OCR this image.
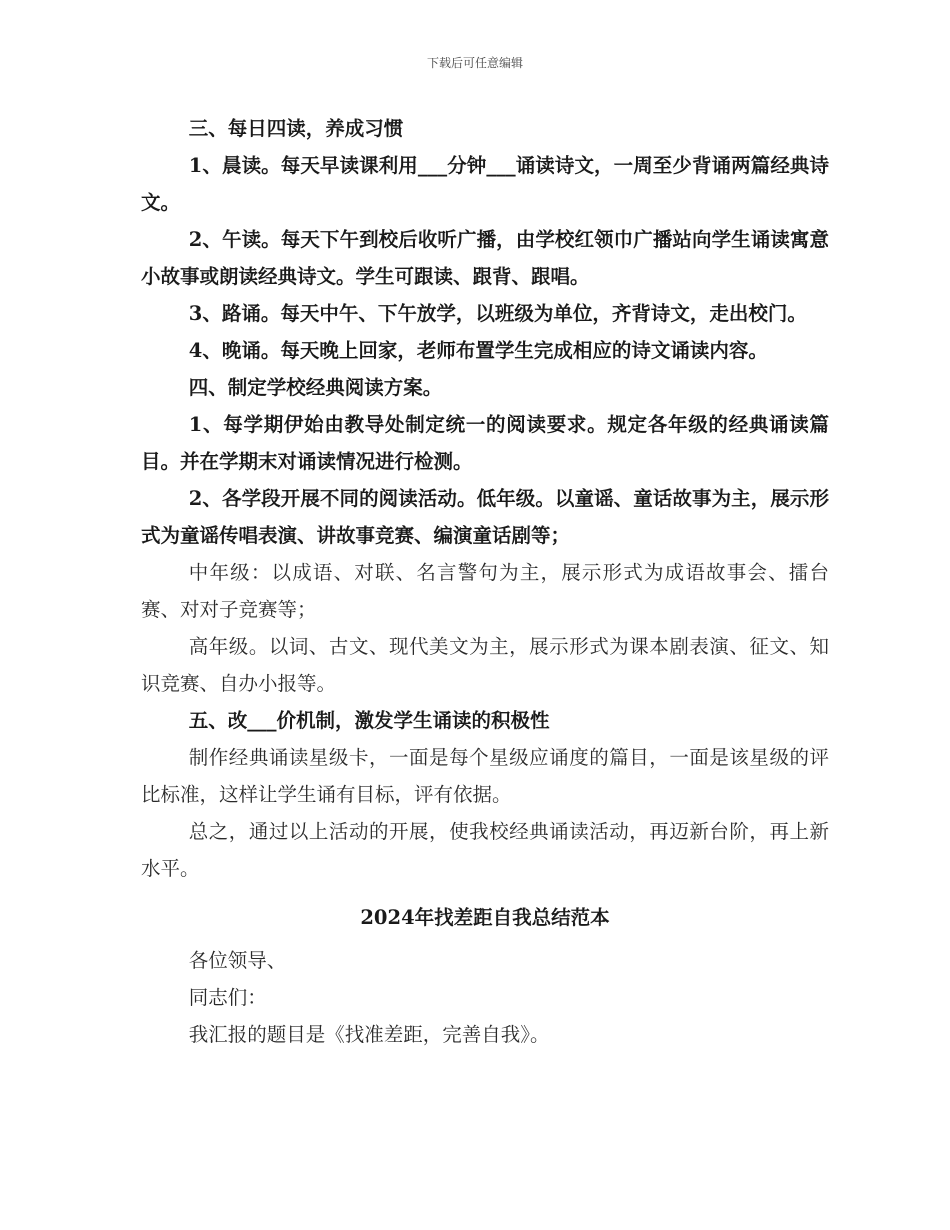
下载后可任意编辑

三、每日四读，养成习惯

1、晨读。每天早读课利用___分钟___诵读诗文，一周至少背诵两篇经典诗文。

2、午读。每天下午到校后收听广播，由学校红领巾广播站向学生诵读寓意小故事或朗读经典诗文。学生可跟读、跟背、跟唱。

3、路诵。每天中午、下午放学，以班级为单位，齐背诗文，走出校门。

4、晚诵。每天晚上回家，老师布置学生完成相应的诗文诵读内容。

四、制定学校经典阅读方案。

1、每学期伊始由教导处制定统一的阅读要求。规定各年级的经典诵读篇目。并在学期末对诵读情况进行检测。

2、各学段开展不同的阅读活动。低年级。以童谣、童话故事为主，展示形式为童谣传唱表演、讲故事竞赛、编演童话剧等；

中年级：以成语、对联、名言警句为主，展示形式为成语故事会、擂台赛、对对子竞赛等；

高年级。以词、古文、现代美文为主，展示形式为课本剧表演、征文、知识竞赛、自办小报等。

五、改___价机制，激发学生诵读的积极性

制作经典诵读星级卡，一面是每个星级应诵度的篇目，一面是该星级的评比标准，这样让学生诵有目标，评有依据。

总之，通过以上活动的开展，使我校经典诵读活动，再迈新台阶，再上新水平。

2024年找差距自我总结范本

各位领导、

同志们：

我汇报的题目是《找准差距，完善自我》。
